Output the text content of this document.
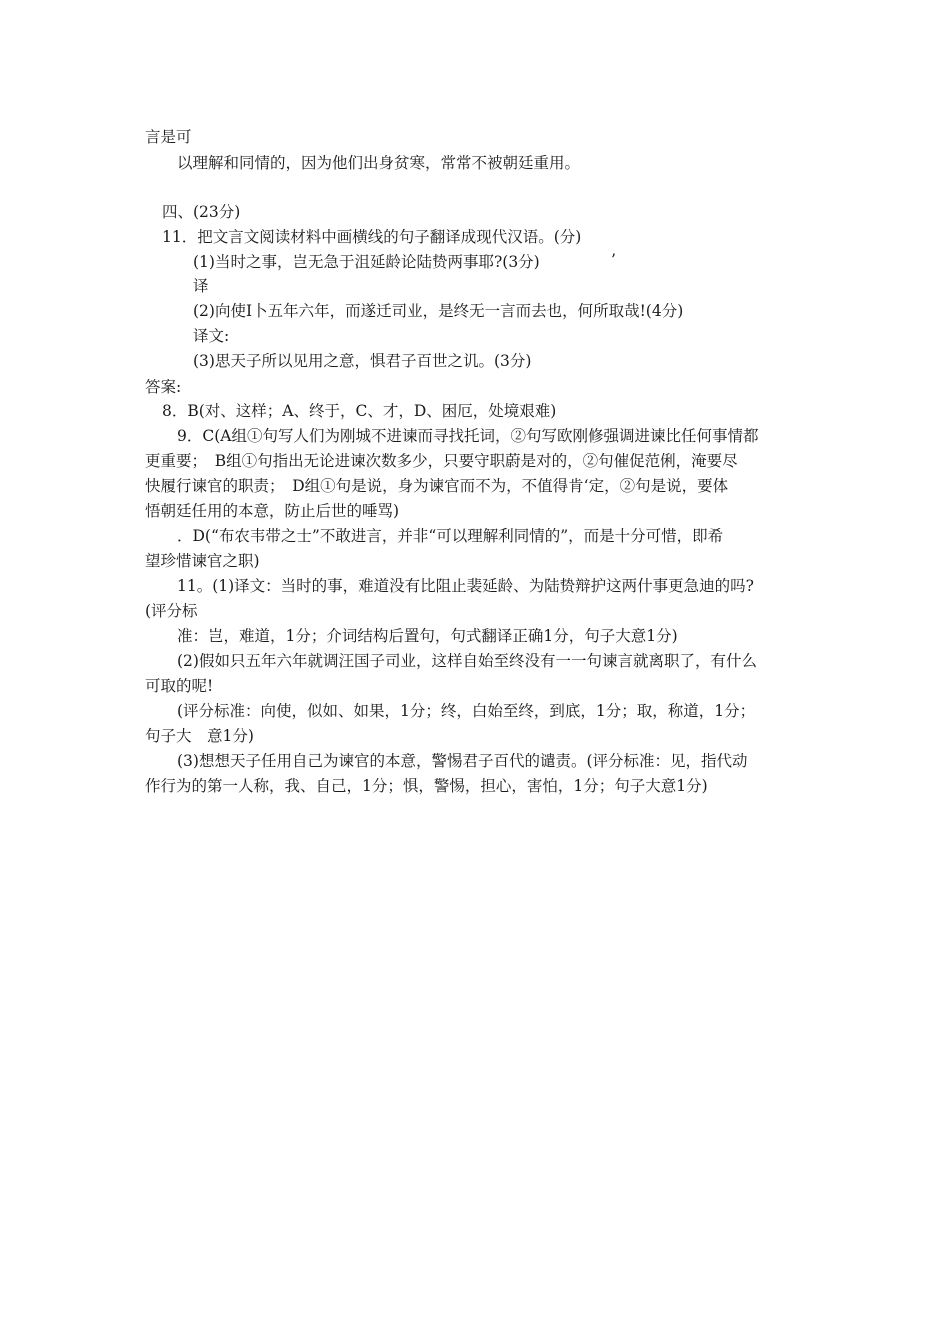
言是可
以理解和同情的，因为他们出身贫寒，常常不被朝廷重用。
四、(23分)
11．把文言文阅读材料中画横线的句子翻译成现代汉语。(分)
(1)当时之事，岂无急于沮延龄论陆贽两事耶?(3分)	’
译
(2)向使Ⅰ卜五年六年，而遂迁司业，是终无一言而去也，何所取哉!(4分)
译文:
(3)思天子所以见用之意，惧君子百世之讥。(3分)
答案:
8．B(对、这样；A、终于，C、才，D、困厄，处境艰难)
9．C(A组①句写人们为刚城不进谏而寻找托词，②句写欧刚修强调进谏比任何事情都
更重要；　B组①句指出无论进谏次数多少，只要守职蔚是对的，②句催促范俐，淹要尽
快履行谏官的职责；　D组①句是说，身为谏官而不为，不值得肯‘定，②句是说，要体
悟朝廷任用的本意，防止后世的唾骂)
．D(“布农韦带之士”不敢进言，并非“可以理解利同情的”，而是十分可惜，即希
望珍惜谏官之职)
11。(1)译文：当时的事，难道没有比阻止裴延龄、为陆贽辩护这两什事更急迪的吗?
(评分标
准：岂，难道，1分；介词结构后置句，句式翻译正确1分，句子大意1分)
(2)假如只五年六年就调汪国子司业，这样自始至终没有一一句谏言就离职了，有什么
可取的呢!
(评分标准：向使，似如、如果，1分；终，白始至终，到底，1分；取，称道，1分；
句子大　意1分)
(3)想想天子任用自己为谏官的本意，警惕君子百代的谴责。(评分标准：见，指代动
作行为的第一人称，我、自己，1分；惧，警惕，担心，害怕，1分；句子大意1分)
